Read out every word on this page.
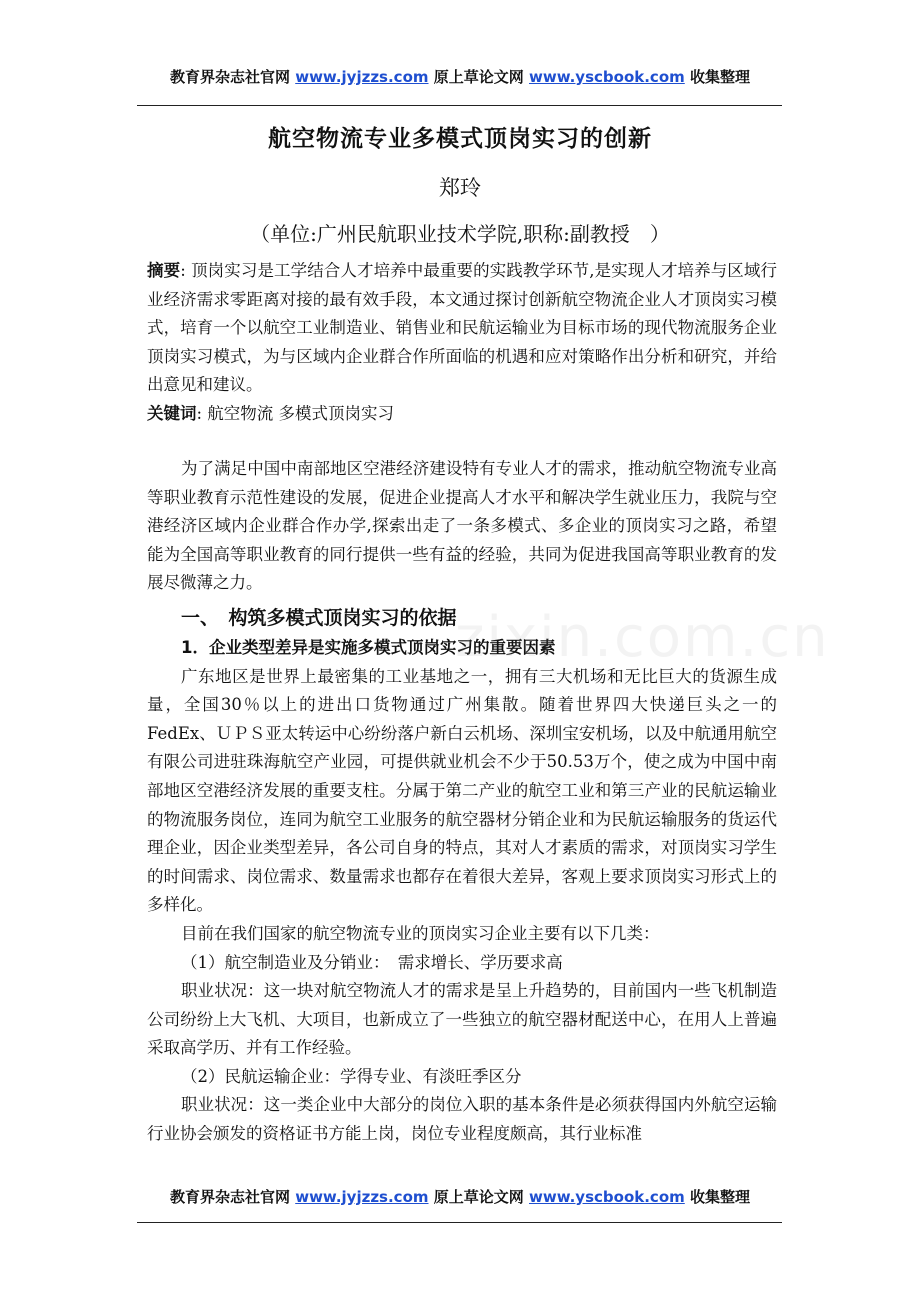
教育界杂志社官网 www.jyjzzs.com 原上草论文网 www.yscbook.com 收集整理
航空物流专业多模式顶岗实习的创新
郑玲
（单位:广州民航职业技术学院,职称:副教授　）

摘要: 顶岗实习是工学结合人才培养中最重要的实践教学环节,是实现人才培养与区域行业经济需求零距离对接的最有效手段，本文通过探讨创新航空物流企业人才顶岗实习模式，培育一个以航空工业制造业、销售业和民航运输业为目标市场的现代物流服务企业顶岗实习模式，为与区域内企业群合作所面临的机遇和应对策略作出分析和研究，并给出意见和建议。

关键词: 航空物流 多模式顶岗实习

为了满足中国中南部地区空港经济建设特有专业人才的需求，推动航空物流专业高等职业教育示范性建设的发展，促进企业提高人才水平和解决学生就业压力，我院与空港经济区域内企业群合作办学,探索出走了一条多模式、多企业的顶岗实习之路，希望能为全国高等职业教育的同行提供一些有益的经验，共同为促进我国高等职业教育的发展尽微薄之力。

一、　构筑多模式顶岗实习的依据

1．企业类型差异是实施多模式顶岗实习的重要因素

广东地区是世界上最密集的工业基地之一，拥有三大机场和无比巨大的货源生成量，全国30％以上的进出口货物通过广州集散。随着世界四大快递巨头之一的FedEx、ＵＰＳ亚太转运中心纷纷落户新白云机场、深圳宝安机场，以及中航通用航空有限公司进驻珠海航空产业园，可提供就业机会不少于50.53万个，使之成为中国中南部地区空港经济发展的重要支柱。分属于第二产业的航空工业和第三产业的民航运输业的物流服务岗位，连同为航空工业服务的航空器材分销企业和为民航运输服务的货运代理企业，因企业类型差异，各公司自身的特点，其对人才素质的需求，对顶岗实习学生的时间需求、岗位需求、数量需求也都存在着很大差异，客观上要求顶岗实习形式上的多样化。

目前在我们国家的航空物流专业的顶岗实习企业主要有以下几类：

（1）航空制造业及分销业：　需求增长、学历要求高

职业状况：这一块对航空物流人才的需求是呈上升趋势的，目前国内一些飞机制造公司纷纷上大飞机、大项目，也新成立了一些独立的航空器材配送中心，在用人上普遍采取高学历、并有工作经验。

（2）民航运输企业：学得专业、有淡旺季区分

职业状况：这一类企业中大部分的岗位入职的基本条件是必须获得国内外航空运输行业协会颁发的资格证书方能上岗，岗位专业程度颇高，其行业标准

zixin.com.cn
教育界杂志社官网 www.jyjzzs.com 原上草论文网 www.yscbook.com 收集整理
